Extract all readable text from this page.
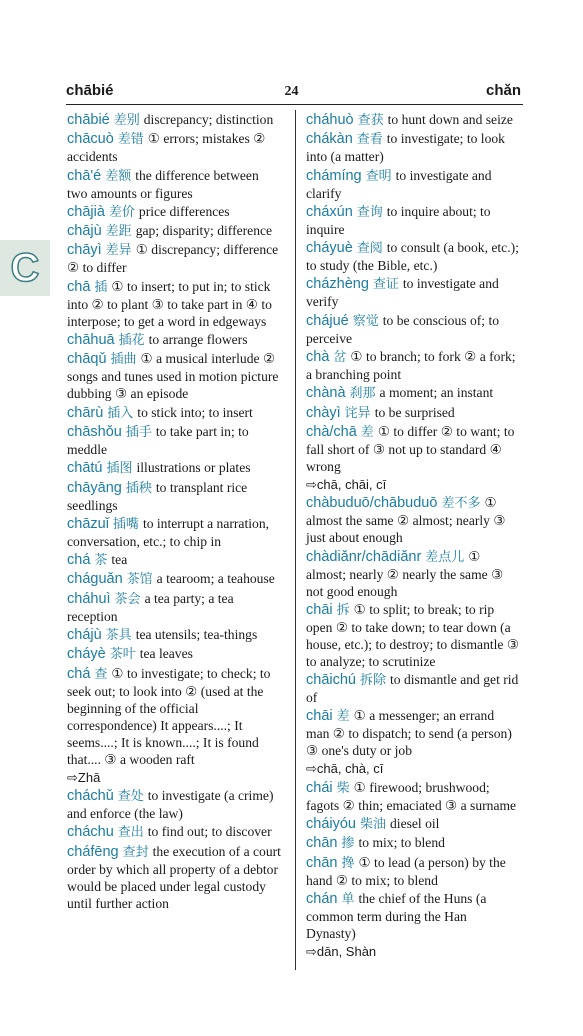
chābié	24	chǎn
C
chābié 差别 discrepancy; distinction
chācuò 差错 ① errors; mistakes ② accidents
chā'é 差额 the difference between two amounts or figures
chājià 差价 price differences
chājù 差距 gap; disparity; difference
chāyì 差异 ① discrepancy; difference ② to differ
chā 插 ① to insert; to put in; to stick into ② to plant ③ to take part in ④ to interpose; to get a word in edgeways
chāhuā 插花 to arrange flowers
chāqǔ 插曲 ① a musical interlude ② songs and tunes used in motion picture dubbing ③ an episode
chārù 插入 to stick into; to insert
chāshǒu 插手 to take part in; to meddle
chātú 插图 illustrations or plates
chāyāng 插秧 to transplant rice seedlings
chāzuǐ 插嘴 to interrupt a narration, conversation, etc.; to chip in
chá 茶 tea
cháguǎn 茶馆 a tearoom; a teahouse
cháhuì 茶会 a tea party; a tea reception
chájù 茶具 tea utensils; tea-things
cháyè 茶叶 tea leaves
chá 查 ① to investigate; to check; to seek out; to look into ② (used at the beginning of the official correspondence) It appears....; It seems....; It is known....; It is found that.... ③ a wooden raft
⇨Zhā
cháchǔ 查处 to investigate (a crime) and enforce (the law)
cháchu 查出 to find out; to discover
cháfēng 查封 the execution of a court order by which all property of a debtor would be placed under legal custody until further action
cháhuò 查获 to hunt down and seize
chákàn 查看 to investigate; to look into (a matter)
chámíng 查明 to investigate and clarify
cháxún 查询 to inquire about; to inquire
cháyuè 查阅 to consult (a book, etc.); to study (the Bible, etc.)
cházhèng 查证 to investigate and verify
chájué 察觉 to be conscious of; to perceive
chà 岔 ① to branch; to fork ② a fork; a branching point
chànà 刹那 a moment; an instant
chàyì 诧异 to be surprised
chà/chā 差 ① to differ ② to want; to fall short of ③ not up to standard ④ wrong
⇨chā, chāi, cī
chàbuduō/chābuduō 差不多 ① almost the same ② almost; nearly ③ just about enough
chàdiǎnr/chādiǎnr 差点儿 ① almost; nearly ② nearly the same ③ not good enough
chāi 拆 ① to split; to break; to rip open ② to take down; to tear down (a house, etc.); to destroy; to dismantle ③ to analyze; to scrutinize
chāichú 拆除 to dismantle and get rid of
chāi 差 ① a messenger; an errand man ② to dispatch; to send (a person) ③ one's duty or job
⇨chā, chà, cī
chái 柴 ① firewood; brushwood; fagots ② thin; emaciated ③ a surname
cháiyóu 柴油 diesel oil
chān 掺 to mix; to blend
chān 搀 ① to lead (a person) by the hand ② to mix; to blend
chán 单 the chief of the Huns (a common term during the Han Dynasty)
⇨dān, Shàn
